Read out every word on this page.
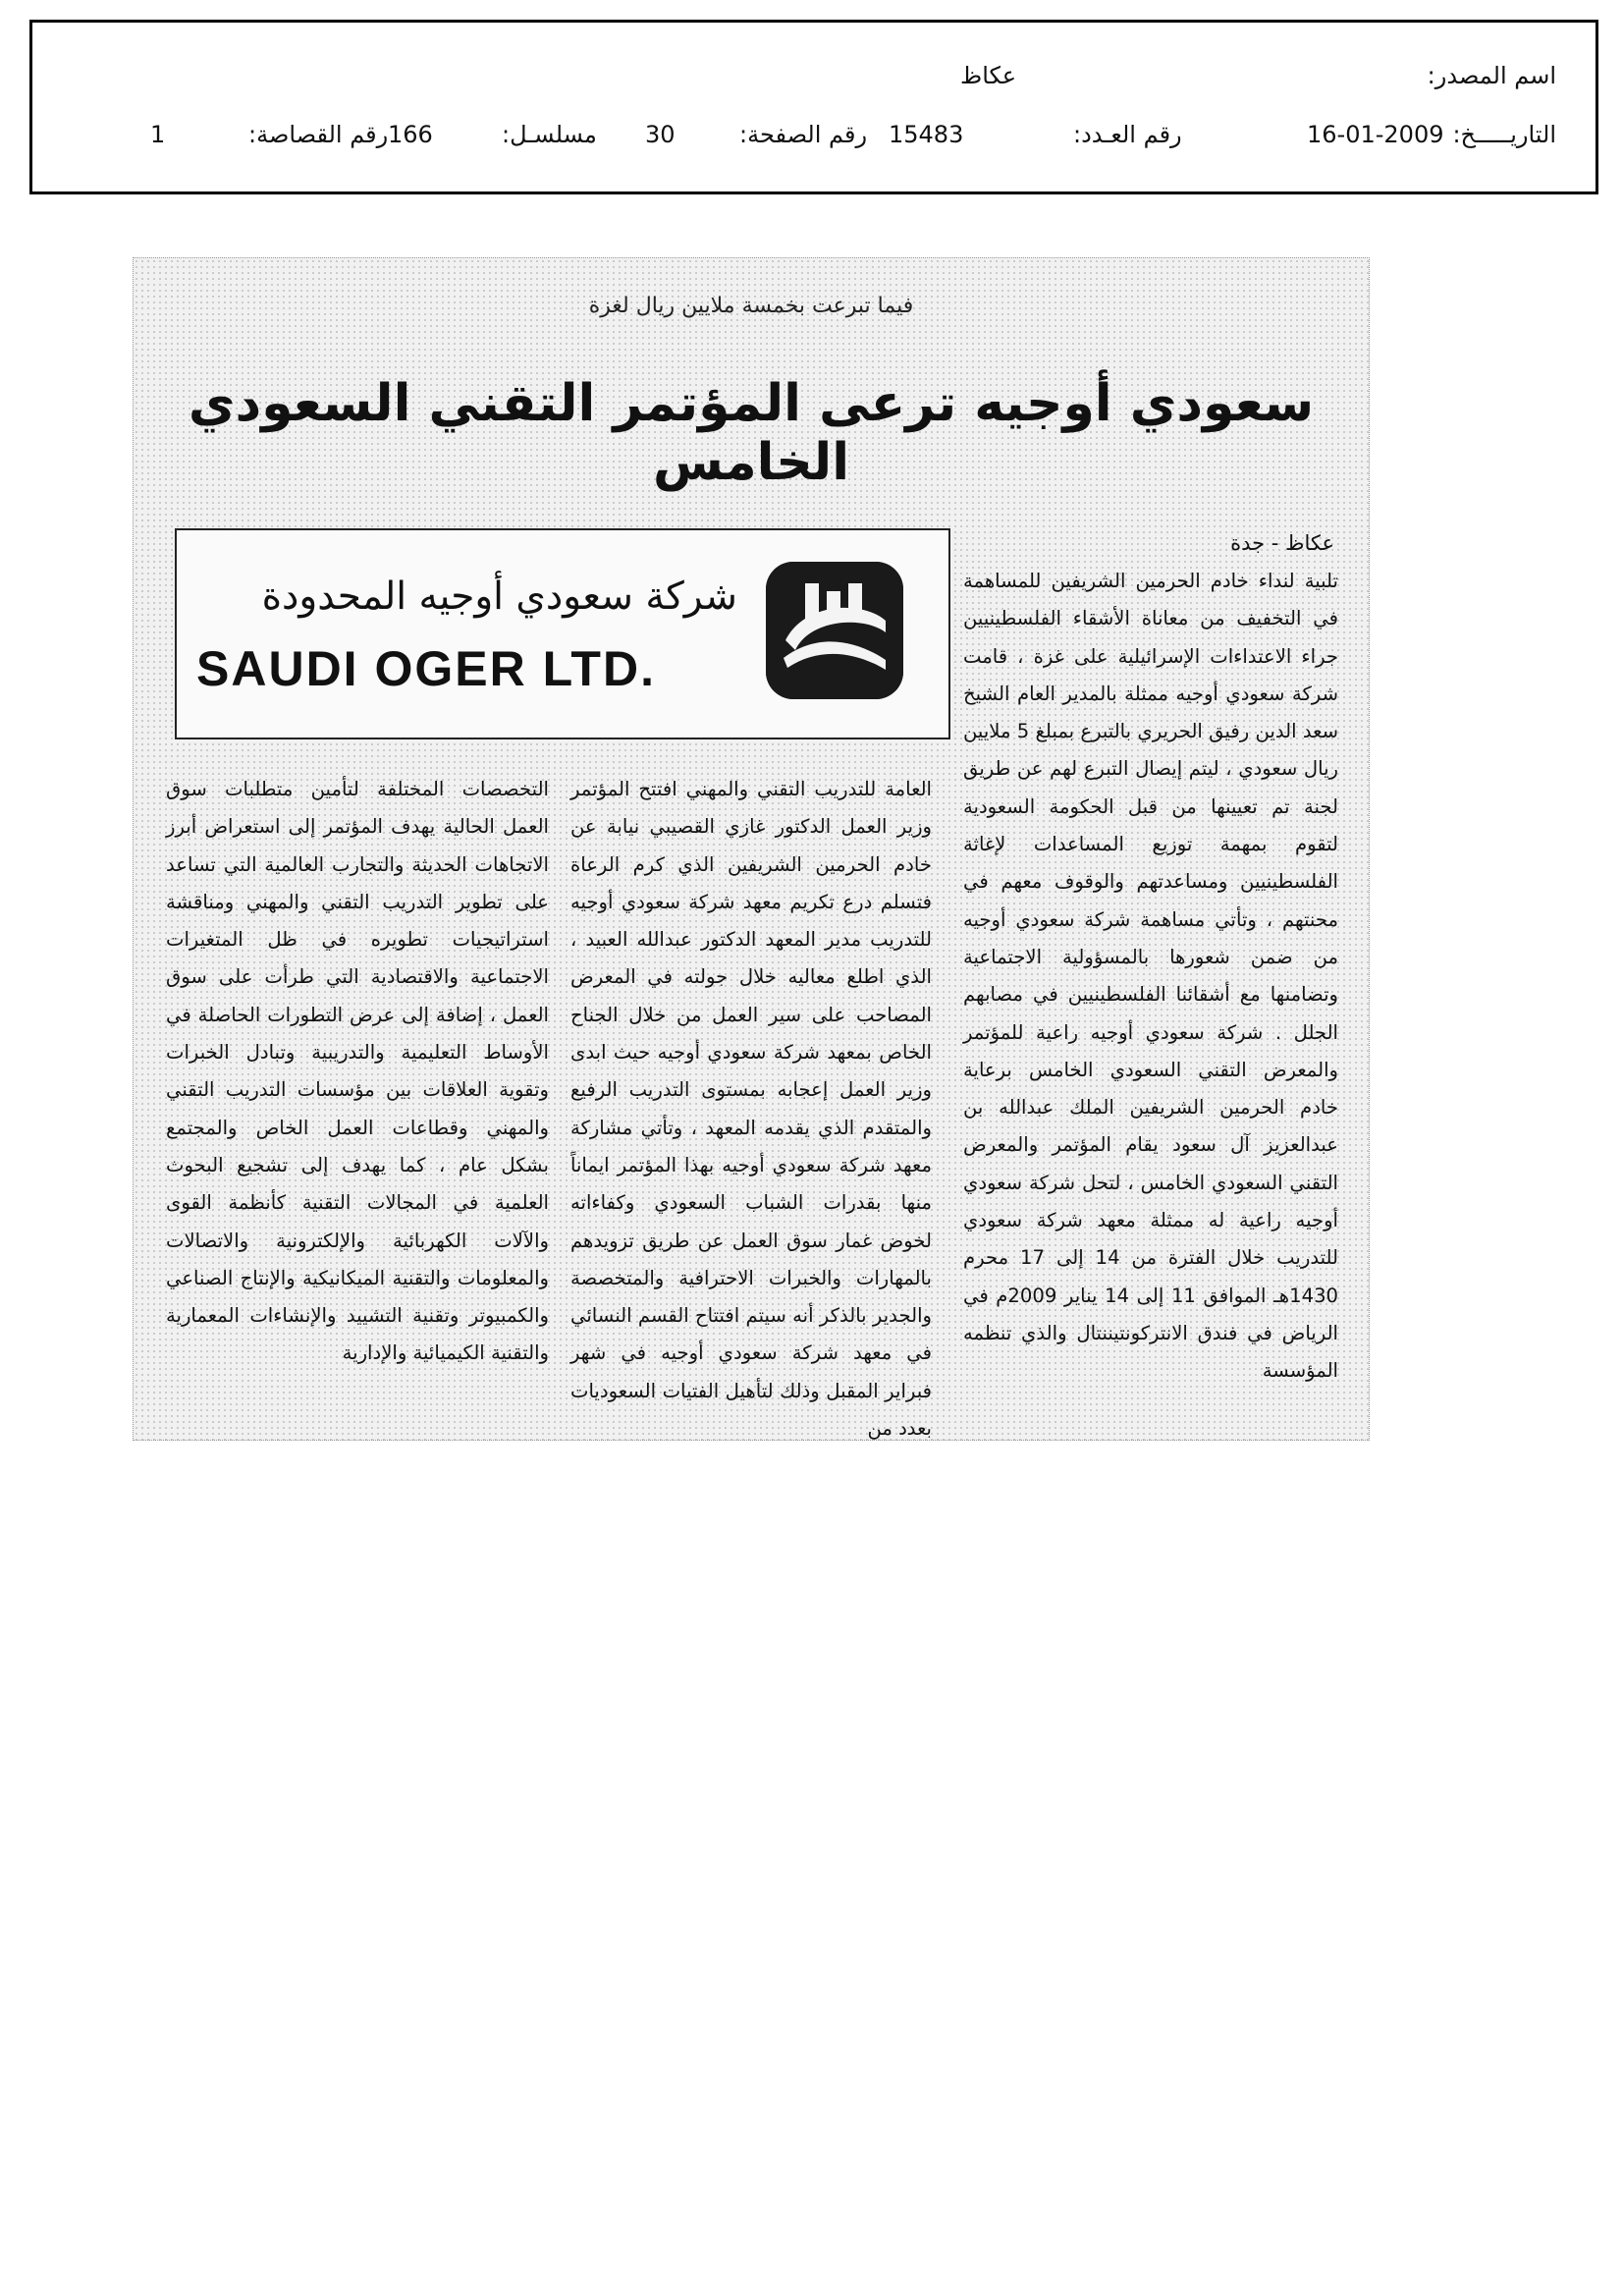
اسم المصدر:
عكاظ
التاريـــــخ:
16-01-2009
رقم العـدد:
15483
رقم الصفحة:
30
مسلسـل:
166
رقم القصاصة:
1
فيما تبرعت بخمسة ملايين ريال لغزة
سعودي أوجيه ترعى المؤتمر التقني السعودي الخامس
عكاظ - جدة
شركة سعودي أوجيه المحدودة
SAUDI OGER LTD.
تلبية لنداء خادم الحرمين الشريفين للمساهمة في التخفيف من معاناة الأشقاء الفلسطينيين جراء الاعتداءات الإسرائيلية على غزة ، قامت شركة سعودي أوجيه ممثلة بالمدير العام الشيخ سعد الدين رفيق الحريري بالتبرع بمبلغ 5 ملايين ريال سعودي ، ليتم إيصال التبرع لهم عن طريق لجنة تم تعيينها من قبل الحكومة السعودية لتقوم بمهمة توزيع المساعدات لإغاثة الفلسطينيين ومساعدتهم والوقوف معهم في محنتهم ، وتأتي مساهمة شركة سعودي أوجيه من ضمن شعورها بالمسؤولية الاجتماعية وتضامنها مع أشقائنا الفلسطينيين في مصابهم الجلل . شركة سعودي أوجيه راعية للمؤتمر والمعرض التقني السعودي الخامس برعاية خادم الحرمين الشريفين الملك عبدالله بن عبدالعزيز آل سعود يقام المؤتمر والمعرض التقني السعودي الخامس ، لتحل شركة سعودي أوجيه راعية له ممثلة معهد شركة سعودي للتدريب خلال الفترة من 14 إلى 17 محرم 1430هـ الموافق 11 إلى 14 يناير 2009م في الرياض في فندق الانتركونتيننتال والذي تنظمه المؤسسة
العامة للتدريب التقني والمهني افتتح المؤتمر وزير العمل الدكتور غازي القصيبي نيابة عن خادم الحرمين الشريفين الذي كرم الرعاة فتسلم درع تكريم معهد شركة سعودي أوجيه للتدريب مدير المعهد الدكتور عبدالله العبيد ، الذي اطلع معاليه خلال جولته في المعرض المصاحب على سير العمل من خلال الجناح الخاص بمعهد شركة سعودي أوجيه حيث ابدى وزير العمل إعجابه بمستوى التدريب الرفيع والمتقدم الذي يقدمه المعهد ، وتأتي مشاركة معهد شركة سعودي أوجيه بهذا المؤتمر ايماناً منها بقدرات الشباب السعودي وكفاءاته لخوض غمار سوق العمل عن طريق تزويدهم بالمهارات والخبرات الاحترافية والمتخصصة والجدير بالذكر أنه سيتم افتتاح القسم النسائي في معهد شركة سعودي أوجيه في شهر فبراير المقبل وذلك لتأهيل الفتيات السعوديات بعدد من
التخصصات المختلفة لتأمين متطلبات سوق العمل الحالية يهدف المؤتمر إلى استعراض أبرز الاتجاهات الحديثة والتجارب العالمية التي تساعد على تطوير التدريب التقني والمهني ومناقشة استراتيجيات تطويره في ظل المتغيرات الاجتماعية والاقتصادية التي طرأت على سوق العمل ، إضافة إلى عرض التطورات الحاصلة في الأوساط التعليمية والتدريبية وتبادل الخبرات وتقوية العلاقات بين مؤسسات التدريب التقني والمهني وقطاعات العمل الخاص والمجتمع بشكل عام ، كما يهدف إلى تشجيع البحوث العلمية في المجالات التقنية كأنظمة القوى والآلات الكهربائية والإلكترونية والاتصالات والمعلومات والتقنية الميكانيكية والإنتاج الصناعي والكمبيوتر وتقنية التشييد والإنشاءات المعمارية والتقنية الكيميائية والإدارية
